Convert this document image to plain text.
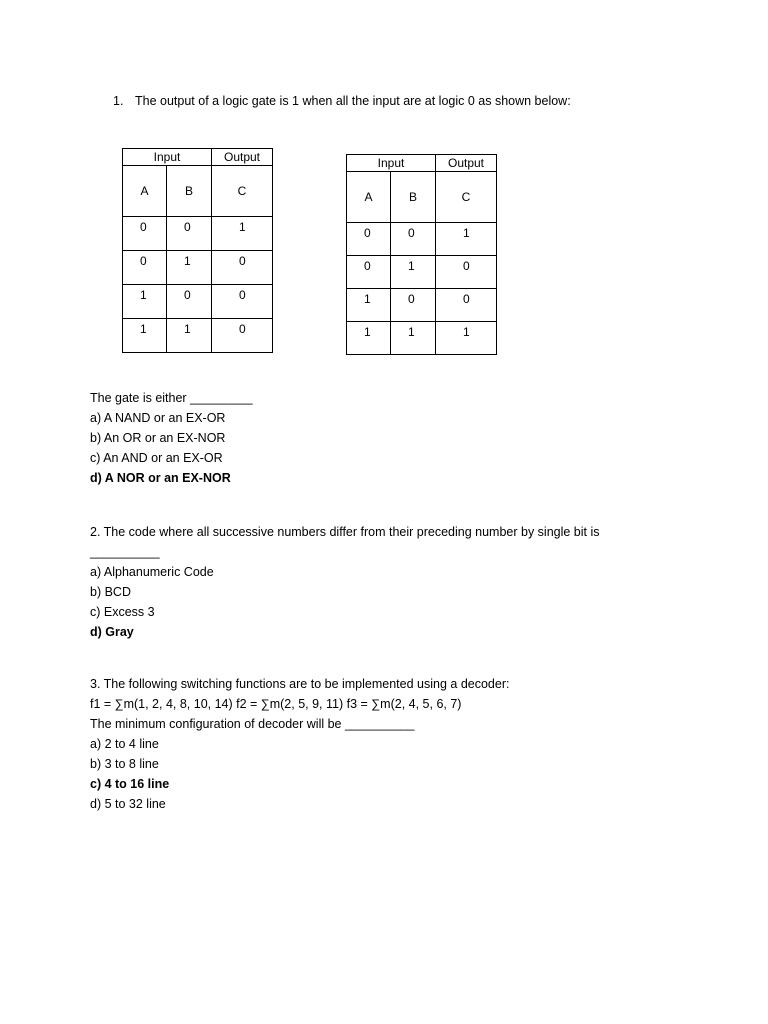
1. The output of a logic gate is 1 when all the input are at logic 0 as shown below:
Input		Output
A	B	C
0	0	1
0	1	0
1	0	0
1	1	0
Input		Output
A	B	C
0	0	1
0	1	0
1	0	0
1	1	1

The gate is either _________

a) A NAND or an EX-OR

b) An OR or an EX-NOR

c) An AND or an EX-OR

d) A NOR or an EX-NOR

2. The code where all successive numbers differ from their preceding number by single bit is

__________

a) Alphanumeric Code

b) BCD

c) Excess 3

d) Gray

3. The following switching functions are to be implemented using a decoder:

f1 = ∑m(1, 2, 4, 8, 10, 14) f2 = ∑m(2, 5, 9, 11) f3 = ∑m(2, 4, 5, 6, 7)

The minimum configuration of decoder will be __________

a) 2 to 4 line

b) 3 to 8 line

c) 4 to 16 line

d) 5 to 32 line
